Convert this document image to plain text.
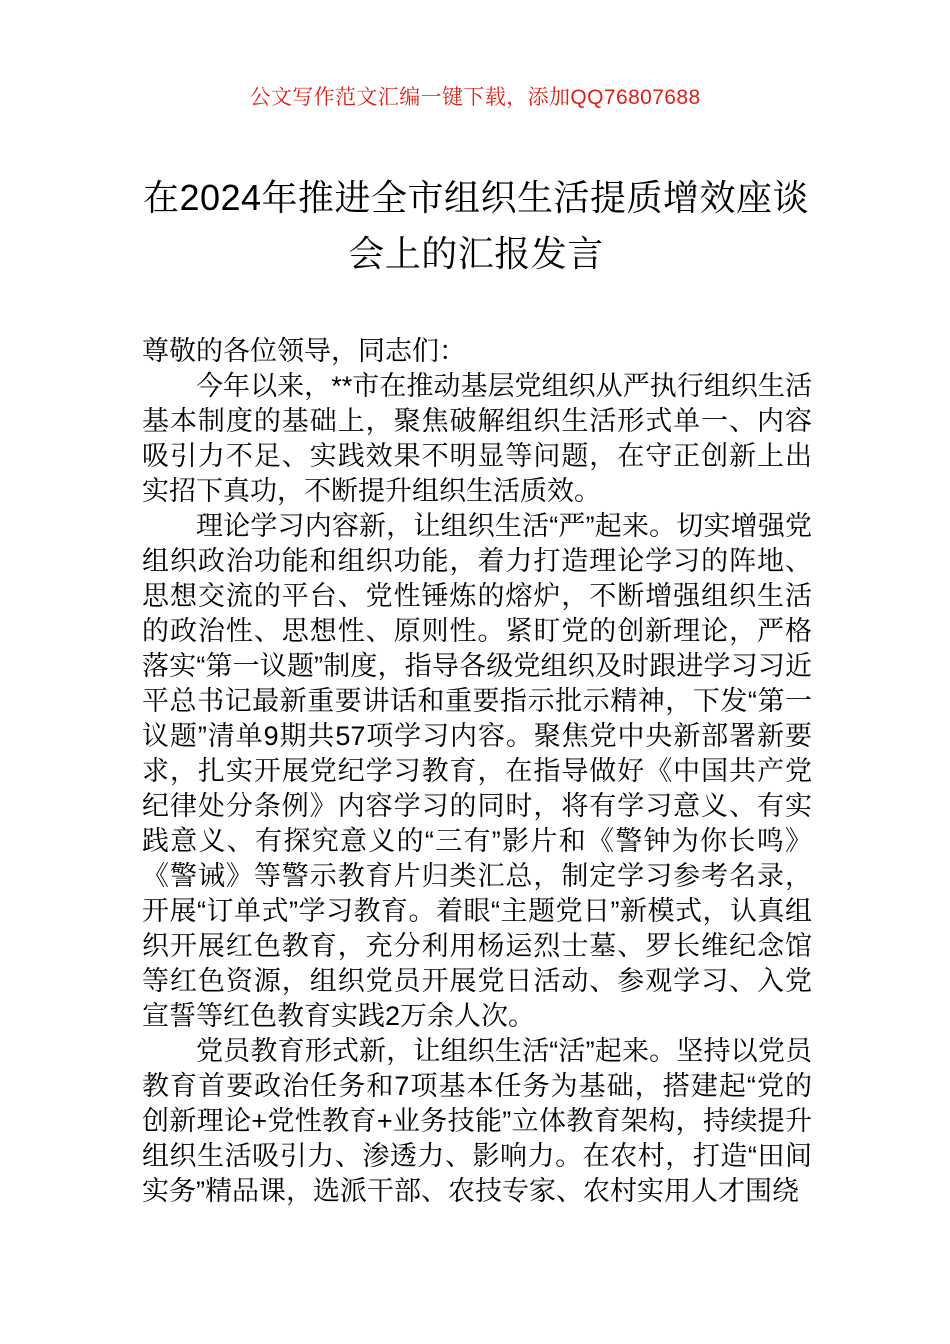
公文写作范文汇编一键下载，添加QQ76807688
在2024年推进全市组织生活提质增效座谈会上的汇报发言

尊敬的各位领导，同志们：

今年以来，**市在推动基层党组织从严执行组织生活基本制度的基础上，聚焦破解组织生活形式单一、内容吸引力不足、实践效果不明显等问题，在守正创新上出实招下真功，不断提升组织生活质效。

理论学习内容新，让组织生活“严”起来。切实增强党组织政治功能和组织功能，着力打造理论学习的阵地、思想交流的平台、党性锤炼的熔炉，不断增强组织生活的政治性、思想性、原则性。紧盯党的创新理论，严格落实“第一议题”制度，指导各级党组织及时跟进学习习近平总书记最新重要讲话和重要指示批示精神，下发“第一议题”清单9期共57项学习内容。聚焦党中央新部署新要求，扎实开展党纪学习教育，在指导做好《中国共产党纪律处分条例》内容学习的同时，将有学习意义、有实践意义、有探究意义的“三有”影片和《警钟为你长鸣》《警诫》等警示教育片归类汇总，制定学习参考名录，开展“订单式”学习教育。着眼“主题党日”新模式，认真组织开展红色教育，充分利用杨运烈士墓、罗长维纪念馆等红色资源，组织党员开展党日活动、参观学习、入党宣誓等红色教育实践2万余人次。

党员教育形式新，让组织生活“活”起来。坚持以党员教育首要政治任务和7项基本任务为基础，搭建起“党的创新理论+党性教育+业务技能”立体教育架构，持续提升组织生活吸引力、渗透力、影响力。在农村，打造“田间实务”精品课，选派干部、农技专家、农村实用人才围绕
